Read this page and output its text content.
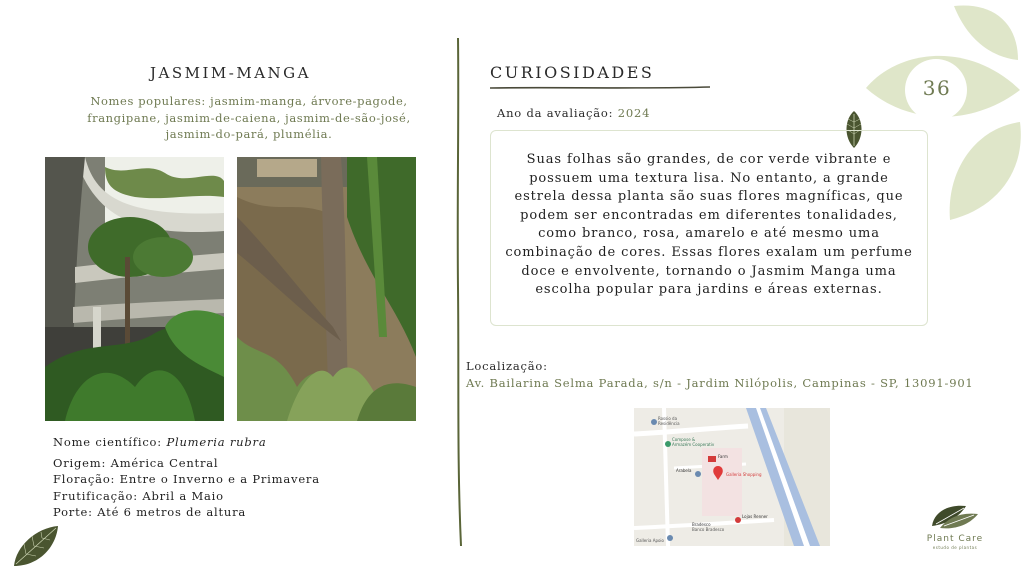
36
JASMIM-MANGA
Nomes populares: jasmim-manga, árvore-pagode,
frangipane, jasmim-de-caiena, jasmim-de-são-josé,
jasmim-do-pará, plumélia.
Nome científico: Plumeria rubra
Origem: América Central
Floração: Entre o Inverno e a Primavera
Frutificação: Abril a Maio
Porte: Até 6 metros de altura
CURIOSIDADES
Ano da avaliação: 2024
Suas folhas são grandes, de cor verde vibrante e
possuem uma textura lisa. No entanto, a grande
estrela dessa planta são suas flores magníficas, que
podem ser encontradas em diferentes tonalidades,
como branco, rosa, amarelo e até mesmo uma
combinação de cores. Essas flores exalam um perfume
doce e envolvente, tornando o Jasmim Manga uma
escolha popular para jardins e áreas externas.
Localização:
Av. Bailarina Selma Parada, s/n - Jardim Nilópolis, Campinas - SP, 13091-901
Rossio da
Residência
Compose &
Armazém Cooperativ
Farm
Arabela
Galleria Shopping
Lojas Renner
Bradesco
Banco Bradesco
Galleria Apoio	Plant Care
estudo de plantas
